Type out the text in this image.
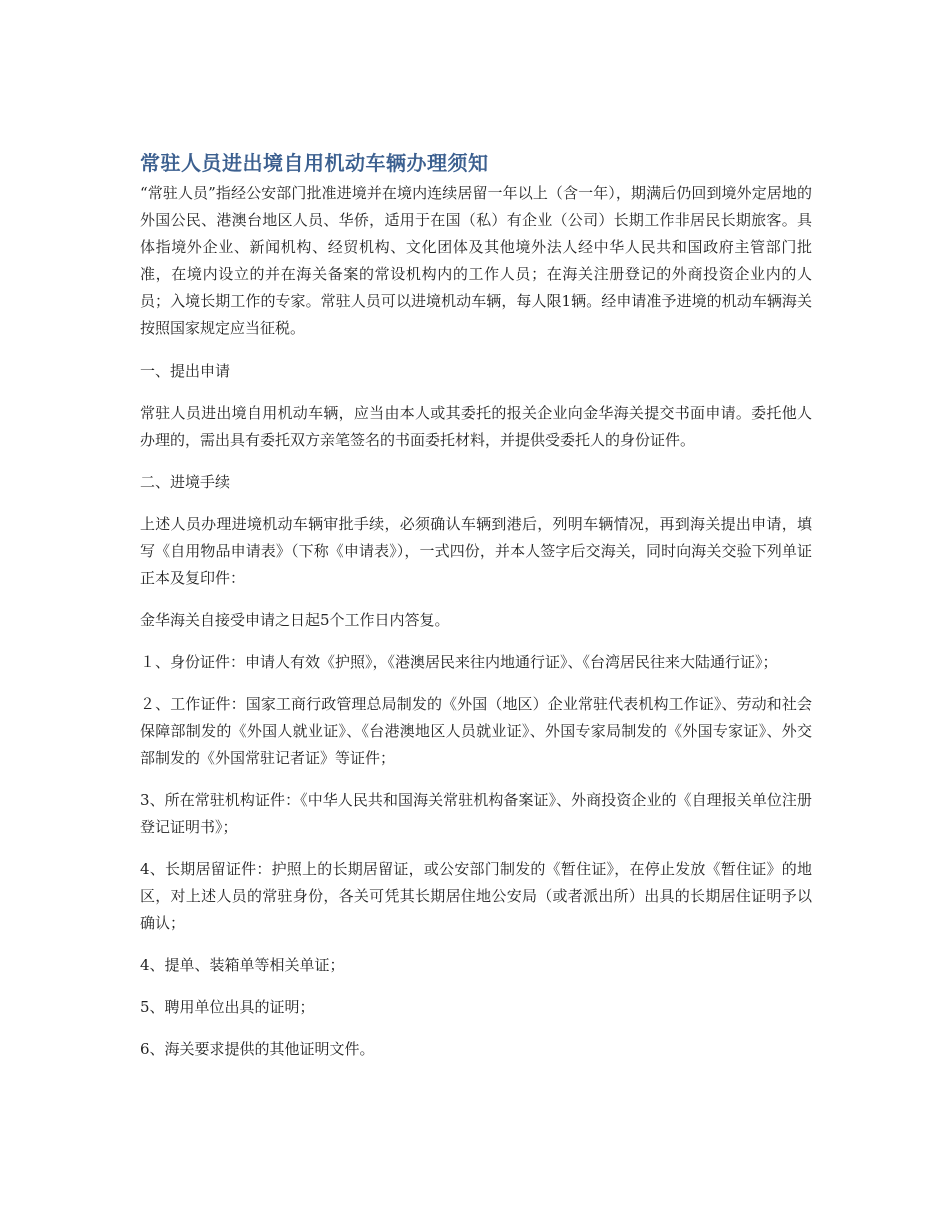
常驻人员进出境自用机动车辆办理须知

“常驻人员”指经公安部门批准进境并在境内连续居留一年以上（含一年），期满后仍回到境外定居地的外国公民、港澳台地区人员、华侨，适用于在国（私）有企业（公司）长期工作非居民长期旅客。具体指境外企业、新闻机构、经贸机构、文化团体及其他境外法人经中华人民共和国政府主管部门批准，在境内设立的并在海关备案的常设机构内的工作人员；在海关注册登记的外商投资企业内的人员；入境长期工作的专家。常驻人员可以进境机动车辆，每人限1辆。经申请准予进境的机动车辆海关按照国家规定应当征税。

一、提出申请

常驻人员进出境自用机动车辆，应当由本人或其委托的报关企业向金华海关提交书面申请。委托他人办理的，需出具有委托双方亲笔签名的书面委托材料，并提供受委托人的身份证件。

二、进境手续

上述人员办理进境机动车辆审批手续，必须确认车辆到港后，列明车辆情况，再到海关提出申请，填写《自用物品申请表》（下称《申请表》），一式四份，并本人签字后交海关，同时向海关交验下列单证正本及复印件：

金华海关自接受申请之日起5个工作日内答复。

１、身份证件：申请人有效《护照》，《港澳居民来往内地通行证》、《台湾居民往来大陆通行证》；

２、工作证件：国家工商行政管理总局制发的《外国（地区）企业常驻代表机构工作证》、劳动和社会保障部制发的《外国人就业证》、《台港澳地区人员就业证》、外国专家局制发的《外国专家证》、外交部制发的《外国常驻记者证》等证件；

3、所在常驻机构证件：《中华人民共和国海关常驻机构备案证》、外商投资企业的《自理报关单位注册登记证明书》；

4、长期居留证件：护照上的长期居留证，或公安部门制发的《暂住证》，在停止发放《暂住证》的地区，对上述人员的常驻身份，各关可凭其长期居住地公安局（或者派出所）出具的长期居住证明予以确认；

4、提单、装箱单等相关单证；

5、聘用单位出具的证明；

6、海关要求提供的其他证明文件。
